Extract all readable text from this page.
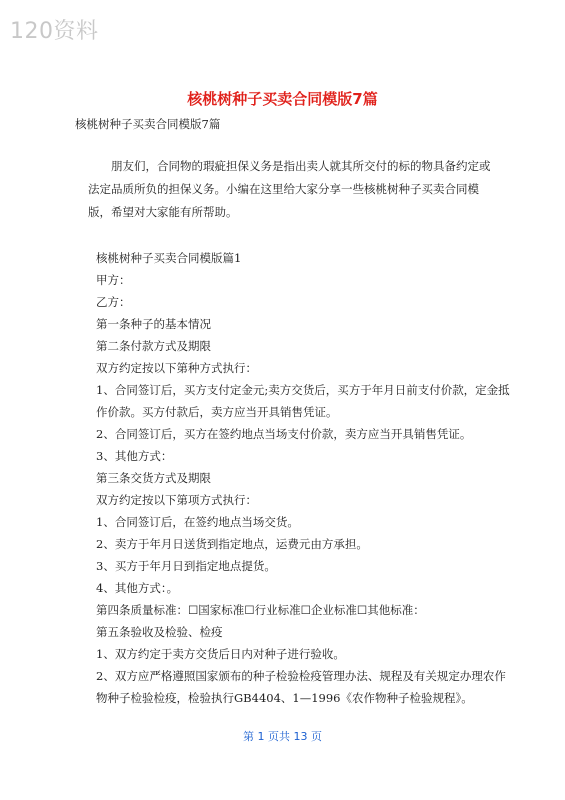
120资料
核桃树种子买卖合同模版7篇
核桃树种子买卖合同模版7篇
朋友们，合同物的瑕疵担保义务是指出卖人就其所交付的标的物具备约定或法定品质所负的担保义务。小编在这里给大家分享一些核桃树种子买卖合同模版，希望对大家能有所帮助。

核桃树种子买卖合同模版篇1

甲方：

乙方：

第一条种子的基本情况

第二条付款方式及期限

双方约定按以下第种方式执行：

1、合同签订后，买方支付定金元;卖方交货后，买方于年月日前支付价款，定金抵作价款。买方付款后，卖方应当开具销售凭证。

2、合同签订后，买方在签约地点当场支付价款，卖方应当开具销售凭证。

3、其他方式：

第三条交货方式及期限

双方约定按以下第项方式执行：

1、合同签订后，在签约地点当场交货。

2、卖方于年月日送货到指定地点，运费元由方承担。

3、买方于年月日到指定地点提货。

4、其他方式：。

第四条质量标准：☐国家标准☐行业标准☐企业标准☐其他标准：

第五条验收及检验、检疫

1、双方约定于卖方交货后日内对种子进行验收。

2、双方应严格遵照国家颁布的种子检验检疫管理办法、规程及有关规定办理农作物种子检验检疫，检验执行GB4404、1—1996《农作物种子检验规程》。

第 1 页共 13 页
